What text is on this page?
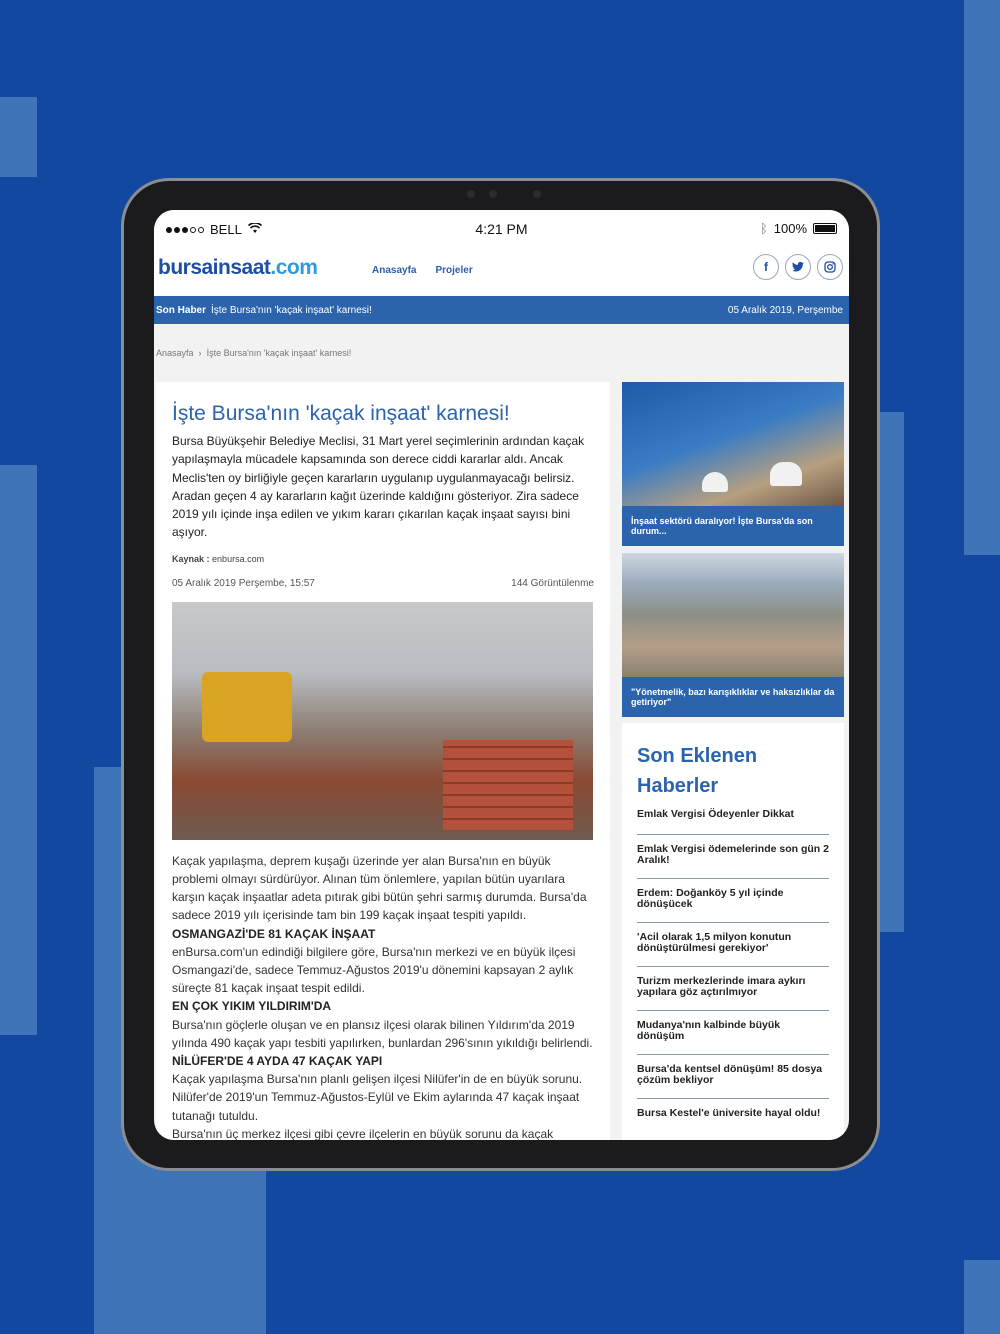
BELL	4:21 PM	ᛒ 100%
bursainsaat.com	Anasayfa Projeler	f
Son Haber İşte Bursa'nın 'kaçak inşaat' karnesi!	05 Aralık 2019, Perşembe
Anasayfa › İşte Bursa'nın 'kaçak inşaat' karnesi!
İşte Bursa'nın 'kaçak inşaat' karnesi!

Bursa Büyükşehir Belediye Meclisi, 31 Mart yerel seçimlerinin ardından kaçak yapılaşmayla mücadele kapsamında son derece ciddi kararlar aldı. Ancak Meclis'ten oy birliğiyle geçen kararların uygulanıp uygulanmayacağı belirsiz. Aradan geçen 4 ay kararların kağıt üzerinde kaldığını gösteriyor. Zira sadece 2019 yılı içinde inşa edilen ve yıkım kararı çıkarılan kaçak inşaat sayısı bini aşıyor.

Kaynak : enbursa.com
05 Aralık 2019 Perşembe, 15:57	144 Görüntülenme

Kaçak yapılaşma, deprem kuşağı üzerinde yer alan Bursa'nın en büyük problemi olmayı sürdürüyor. Alınan tüm önlemlere, yapılan bütün uyarılara karşın kaçak inşaatlar adeta pıtırak gibi bütün şehri sarmış durumda. Bursa'da sadece 2019 yılı içerisinde tam bin 199 kaçak inşaat tespiti yapıldı.

OSMANGAZİ'DE 81 KAÇAK İNŞAAT

enBursa.com'un edindiği bilgilere göre, Bursa'nın merkezi ve en büyük ilçesi Osmangazi'de, sadece Temmuz-Ağustos 2019'u dönemini kapsayan 2 aylık süreçte 81 kaçak inşaat tespit edildi.

EN ÇOK YIKIM YILDIRIM'DA

Bursa'nın göçlerle oluşan ve en plansız ilçesi olarak bilinen Yıldırım'da 2019 yılında 490 kaçak yapı tesbiti yapılırken, bunlardan 296'sının yıkıldığı belirlendi.

NİLÜFER'DE 4 AYDA 47 KAÇAK YAPI

Kaçak yapılaşma Bursa'nın planlı gelişen ilçesi Nilüfer'in de en büyük sorunu. Nilüfer'de 2019'un Temmuz-Ağustos-Eylül ve Ekim aylarında 47 kaçak inşaat tutanağı tutuldu.

Bursa'nın üç merkez ilçesi gibi çevre ilçelerin en büyük sorunu da kaçak

İnşaat sektörü daralıyor! İşte Bursa'da son durum...
"Yönetmelik, bazı karışıklıklar ve haksızlıklar da getiriyor"
Son Eklenen Haberler
Emlak Vergisi Ödeyenler Dikkat
Emlak Vergisi ödemelerinde son gün 2 Aralık!
Erdem: Doğanköy 5 yıl içinde dönüşücek
'Acil olarak 1,5 milyon konutun dönüştürülmesi gerekiyor'
Turizm merkezlerinde imara aykırı yapılara göz açtırılmıyor
Mudanya'nın kalbinde büyük dönüşüm
Bursa'da kentsel dönüşüm! 85 dosya çözüm bekliyor
Bursa Kestel'e üniversite hayal oldu!
